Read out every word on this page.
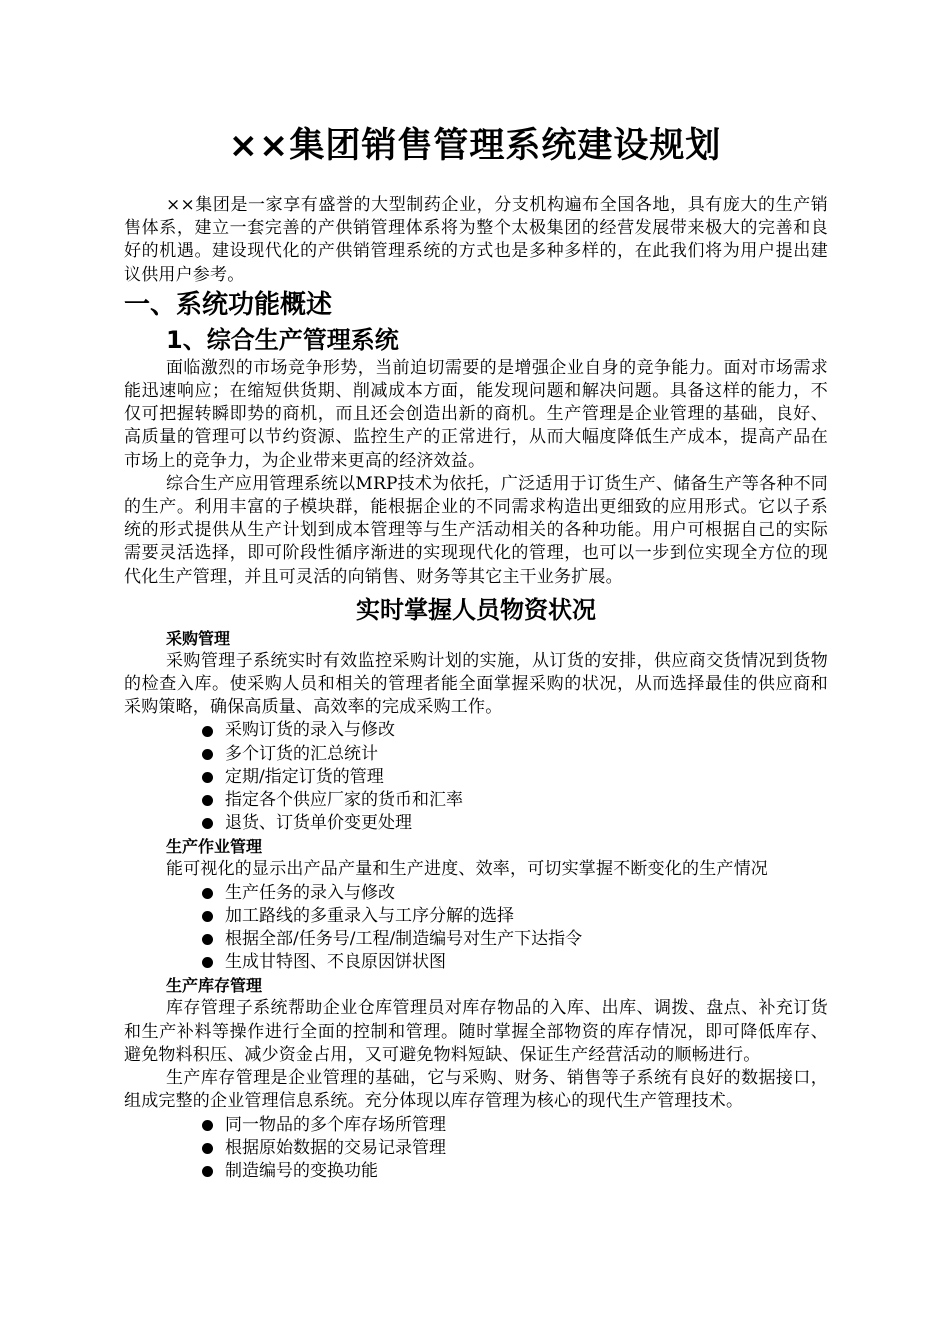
××集团销售管理系统建设规划

××集团是一家享有盛誉的大型制药企业，分支机构遍布全国各地，具有庞大的生产销售体系，建立一套完善的产供销管理体系将为整个太极集团的经营发展带来极大的完善和良好的机遇。建设现代化的产供销管理系统的方式也是多种多样的，在此我们将为用户提出建议供用户参考。

一、系统功能概述
1、综合生产管理系统

面临激烈的市场竞争形势，当前迫切需要的是增强企业自身的竞争能力。面对市场需求能迅速响应；在缩短供货期、削减成本方面，能发现问题和解决问题。具备这样的能力，不仅可把握转瞬即势的商机，而且还会创造出新的商机。生产管理是企业管理的基础，良好、高质量的管理可以节约资源、监控生产的正常进行，从而大幅度降低生产成本，提高产品在市场上的竞争力，为企业带来更高的经济效益。

综合生产应用管理系统以MRP技术为依托，广泛适用于订货生产、储备生产等各种不同的生产。利用丰富的子模块群，能根据企业的不同需求构造出更细致的应用形式。它以子系统的形式提供从生产计划到成本管理等与生产活动相关的各种功能。用户可根据自己的实际需要灵活选择，即可阶段性循序渐进的实现现代化的管理，也可以一步到位实现全方位的现代化生产管理，并且可灵活的向销售、财务等其它主干业务扩展。

实时掌握人员物资状况
采购管理

采购管理子系统实时有效监控采购计划的实施，从订货的安排，供应商交货情况到货物的检查入库。使采购人员和相关的管理者能全面掌握采购的状况，从而选择最佳的供应商和采购策略，确保高质量、高效率的完成采购工作。

采购订货的录入与修改
多个订货的汇总统计
定期/指定订货的管理
指定各个供应厂家的货币和汇率
退货、订货单价变更处理
生产作业管理

能可视化的显示出产品产量和生产进度、效率，可切实掌握不断变化的生产情况

生产任务的录入与修改
加工路线的多重录入与工序分解的选择
根据全部/任务号/工程/制造编号对生产下达指令
生成甘特图、不良原因饼状图
生产库存管理

库存管理子系统帮助企业仓库管理员对库存物品的入库、出库、调拨、盘点、补充订货和生产补料等操作进行全面的控制和管理。随时掌握全部物资的库存情况，即可降低库存、避免物料积压、减少资金占用，又可避免物料短缺、保证生产经营活动的顺畅进行。

生产库存管理是企业管理的基础，它与采购、财务、销售等子系统有良好的数据接口，组成完整的企业管理信息系统。充分体现以库存管理为核心的现代生产管理技术。

同一物品的多个库存场所管理
根据原始数据的交易记录管理
制造编号的变换功能
